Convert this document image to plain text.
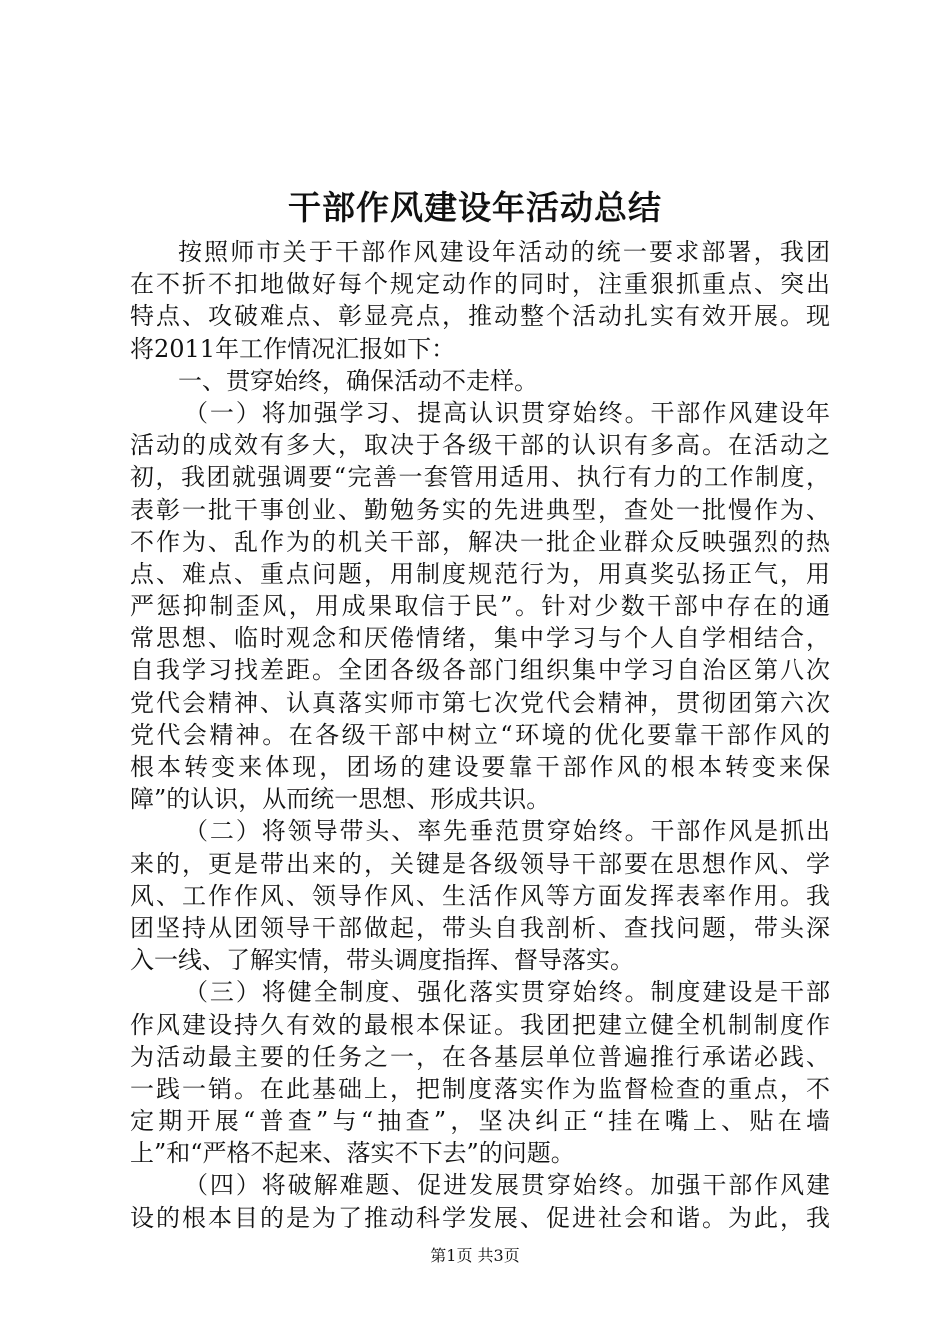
干部作风建设年活动总结
按照师市关于干部作风建设年活动的统一要求部署，我团
在不折不扣地做好每个规定动作的同时，注重狠抓重点、突出
特点、攻破难点、彰显亮点，推动整个活动扎实有效开展。现
将2011年工作情况汇报如下：
一、贯穿始终，确保活动不走样。
（一）将加强学习、提高认识贯穿始终。干部作风建设年
活动的成效有多大，取决于各级干部的认识有多高。在活动之
初，我团就强调要“完善一套管用适用、执行有力的工作制度，
表彰一批干事创业、勤勉务实的先进典型，查处一批慢作为、
不作为、乱作为的机关干部，解决一批企业群众反映强烈的热
点、难点、重点问题，用制度规范行为，用真奖弘扬正气，用
严惩抑制歪风，用成果取信于民”。针对少数干部中存在的通
常思想、临时观念和厌倦情绪，集中学习与个人自学相结合，
自我学习找差距。全团各级各部门组织集中学习自治区第八次
党代会精神、认真落实师市第七次党代会精神，贯彻团第六次
党代会精神。在各级干部中树立“环境的优化要靠干部作风的
根本转变来体现，团场的建设要靠干部作风的根本转变来保
障”的认识，从而统一思想、形成共识。
（二）将领导带头、率先垂范贯穿始终。干部作风是抓出
来的，更是带出来的，关键是各级领导干部要在思想作风、学
风、工作作风、领导作风、生活作风等方面发挥表率作用。我
团坚持从团领导干部做起，带头自我剖析、查找问题，带头深
入一线、了解实情，带头调度指挥、督导落实。
（三）将健全制度、强化落实贯穿始终。制度建设是干部
作风建设持久有效的最根本保证。我团把建立健全机制制度作
为活动最主要的任务之一，在各基层单位普遍推行承诺必践、
一践一销。在此基础上，把制度落实作为监督检查的重点，不
定期开展“普查”与“抽查”，坚决纠正“挂在嘴上、贴在墙
上”和“严格不起来、落实不下去”的问题。
（四）将破解难题、促进发展贯穿始终。加强干部作风建
设的根本目的是为了推动科学发展、促进社会和谐。为此，我
第1页 共3页
